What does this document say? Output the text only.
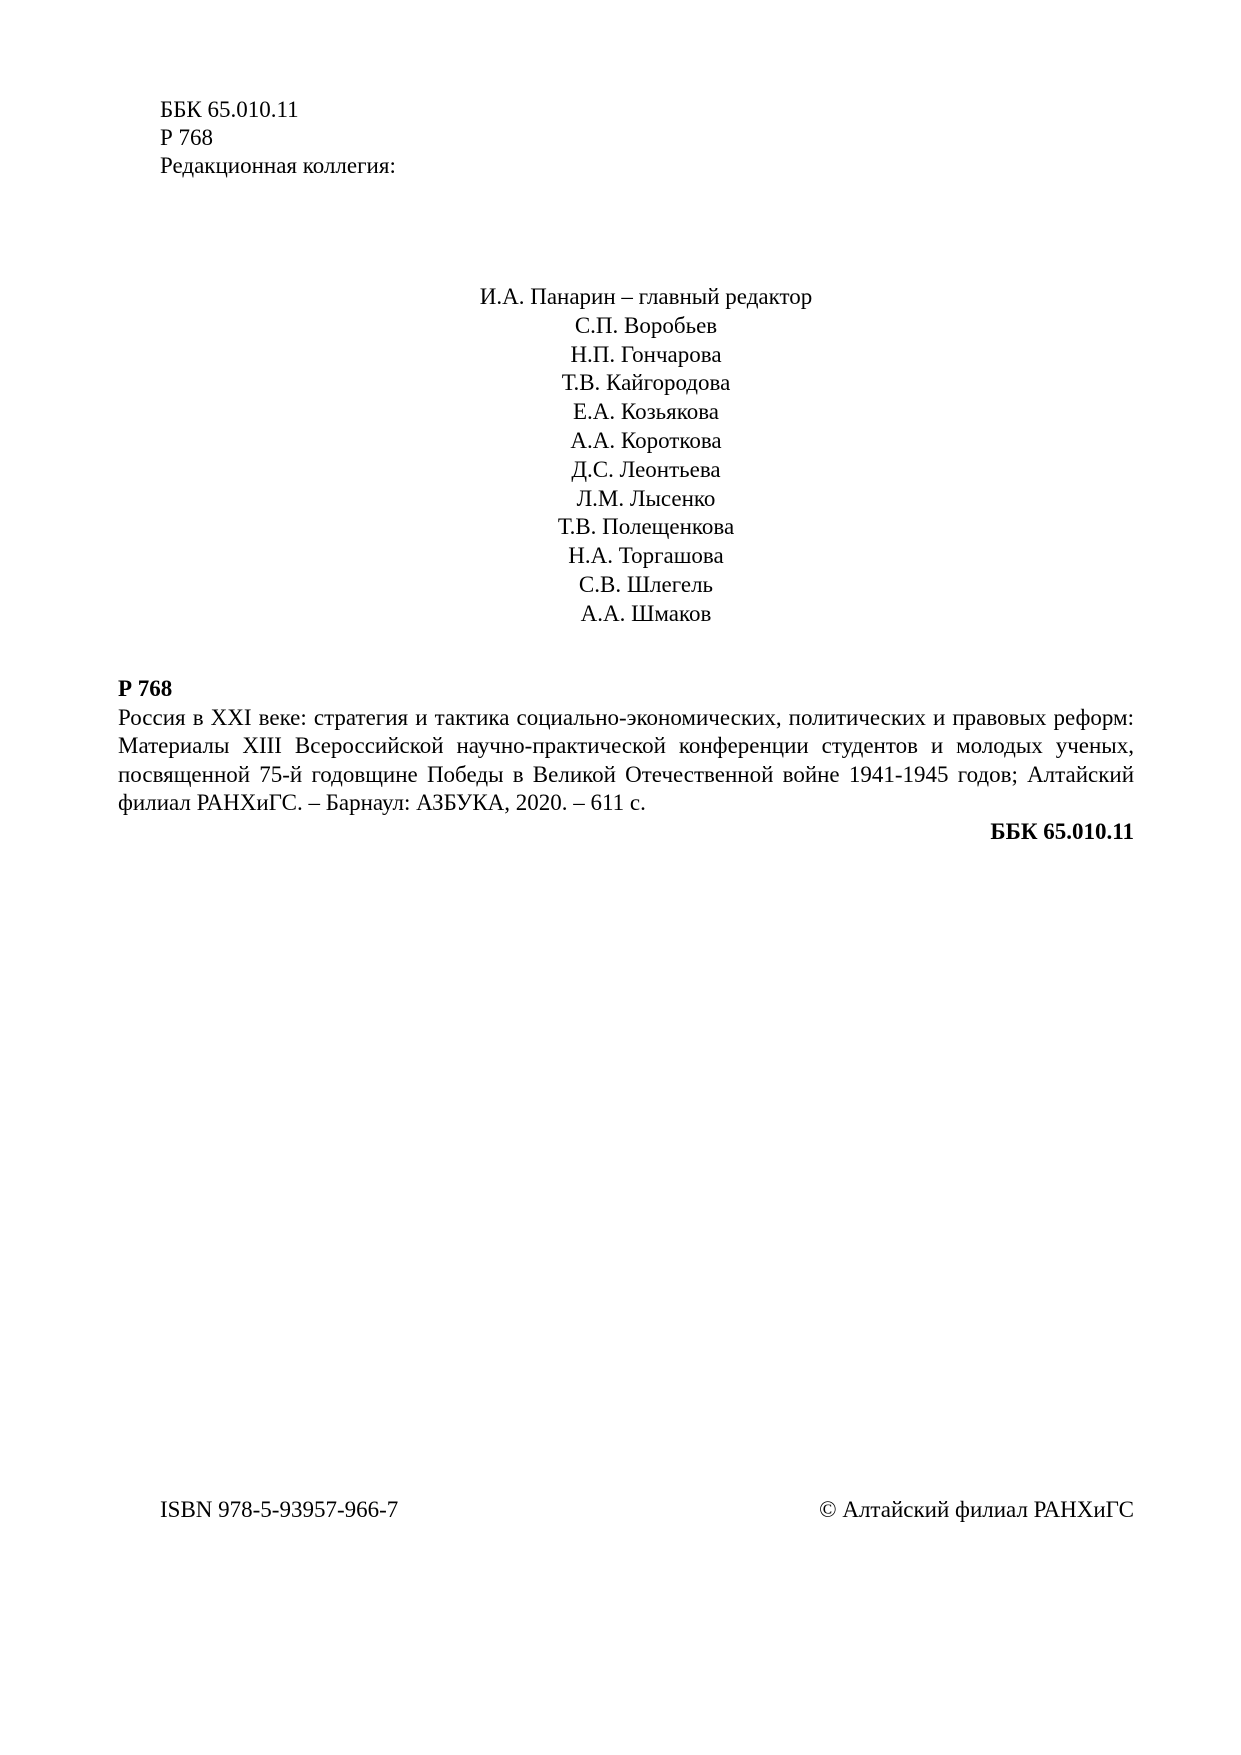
ББК 65.010.11
Р 768
Редакционная коллегия:
И.А. Панарин – главный редактор
С.П. Воробьев
Н.П. Гончарова
Т.В. Кайгородова
Е.А. Козьякова
А.А. Короткова
Д.С. Леонтьева
Л.М. Лысенко
Т.В. Полещенкова
Н.А. Торгашова
С.В. Шлегель
А.А. Шмаков
Р 768
Россия в XXI веке: стратегия и тактика социально-экономических, политических и правовых реформ: Материалы XIII Всероссийской научно-практической конференции студентов и молодых ученых, посвященной 75-й годовщине Победы в Великой Отечественной войне 1941-1945 годов; Алтайский филиал РАНХиГС. – Барнаул: АЗБУКА, 2020. – 611 с.
ББК 65.010.11
ISBN 978-5-93957-966-7	© Алтайский филиал РАНХиГС
